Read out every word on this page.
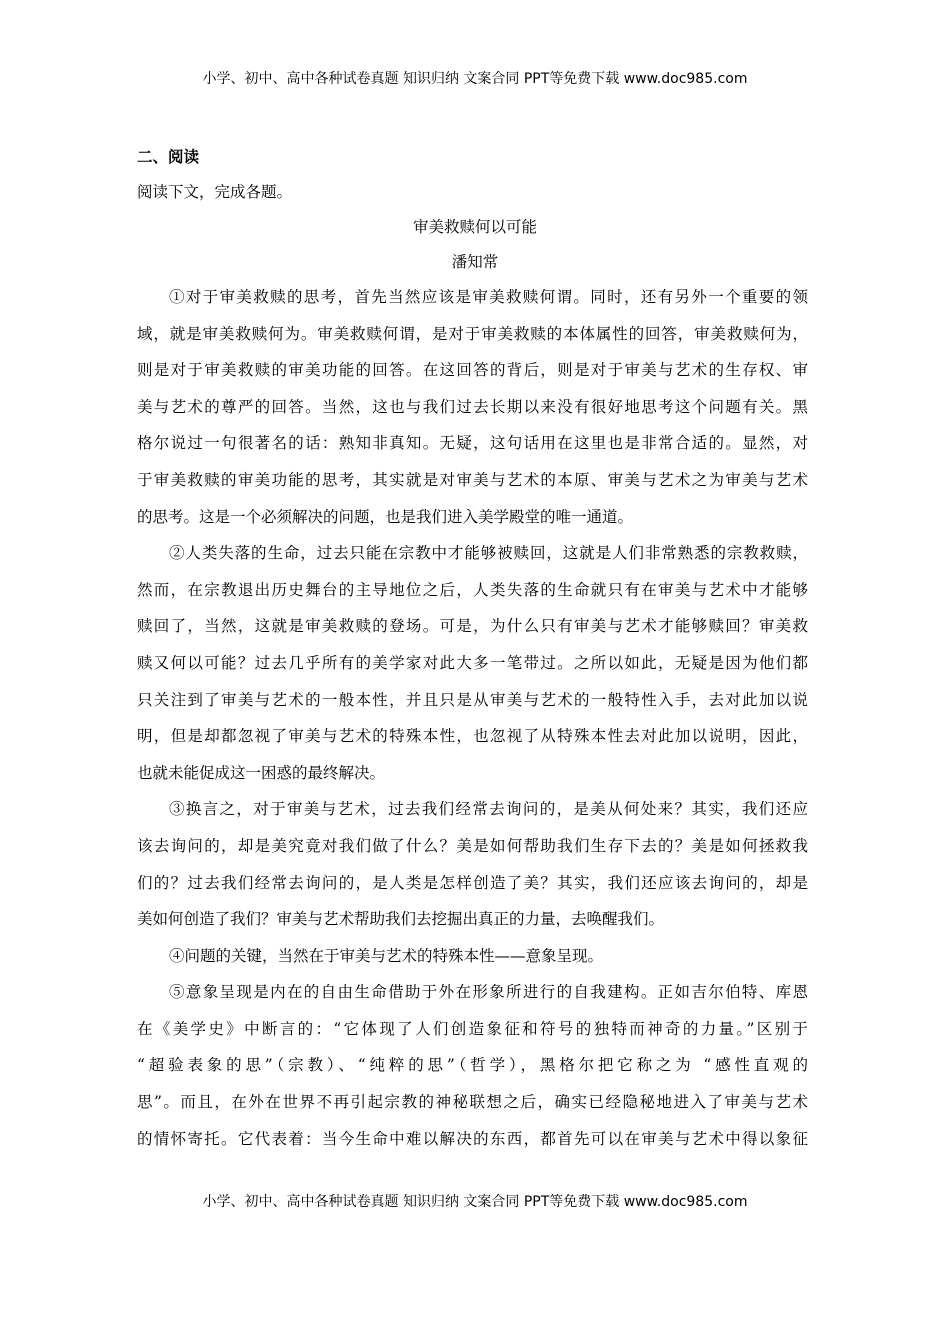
小学、初中、高中各种试卷真题 知识归纳 文案合同 PPT等免费下载 www.doc985.com
二、阅读
阅读下文，完成各题。
审美救赎何以可能
潘知常
①对于审美救赎的思考，首先当然应该是审美救赎何谓。同时，还有另外一个重要的领
域，就是审美救赎何为。审美救赎何谓，是对于审美救赎的本体属性的回答，审美救赎何为，
则是对于审美救赎的审美功能的回答。在这回答的背后，则是对于审美与艺术的生存权、审
美与艺术的尊严的回答。当然，这也与我们过去长期以来没有很好地思考这个问题有关。黑
格尔说过一句很著名的话：熟知非真知。无疑，这句话用在这里也是非常合适的。显然，对
于审美救赎的审美功能的思考，其实就是对审美与艺术的本原、审美与艺术之为审美与艺术
的思考。这是一个必须解决的问题，也是我们进入美学殿堂的唯一通道。
②人类失落的生命，过去只能在宗教中才能够被赎回，这就是人们非常熟悉的宗教救赎，
然而，在宗教退出历史舞台的主导地位之后，人类失落的生命就只有在审美与艺术中才能够
赎回了，当然，这就是审美救赎的登场。可是，为什么只有审美与艺术才能够赎回？审美救
赎又何以可能？过去几乎所有的美学家对此大多一笔带过。之所以如此，无疑是因为他们都
只关注到了审美与艺术的一般本性，并且只是从审美与艺术的一般特性入手，去对此加以说
明，但是却都忽视了审美与艺术的特殊本性，也忽视了从特殊本性去对此加以说明，因此，
也就未能促成这一困惑的最终解决。
③换言之，对于审美与艺术，过去我们经常去询问的，是美从何处来？其实，我们还应
该去询问的，却是美究竟对我们做了什么？美是如何帮助我们生存下去的？美是如何拯救我
们的？过去我们经常去询问的，是人类是怎样创造了美？其实，我们还应该去询问的，却是
美如何创造了我们？审美与艺术帮助我们去挖掘出真正的力量，去唤醒我们。
④问题的关键，当然在于审美与艺术的特殊本性——意象呈现。
⑤意象呈现是内在的自由生命借助于外在形象所进行的自我建构。正如吉尔伯特、库恩
在《美学史》中断言的：“它体现了人们创造象征和符号的独特而神奇的力量。”区别于
“超验表象的思”（宗教）、“纯粹的思”（哲学），黑格尔把它称之为 “感性直观的
思”。而且，在外在世界不再引起宗教的神秘联想之后，确实已经隐秘地进入了审美与艺术
的情怀寄托。它代表着：当今生命中难以解决的东西，都首先可以在审美与艺术中得以象征
小学、初中、高中各种试卷真题 知识归纳 文案合同 PPT等免费下载 www.doc985.com
